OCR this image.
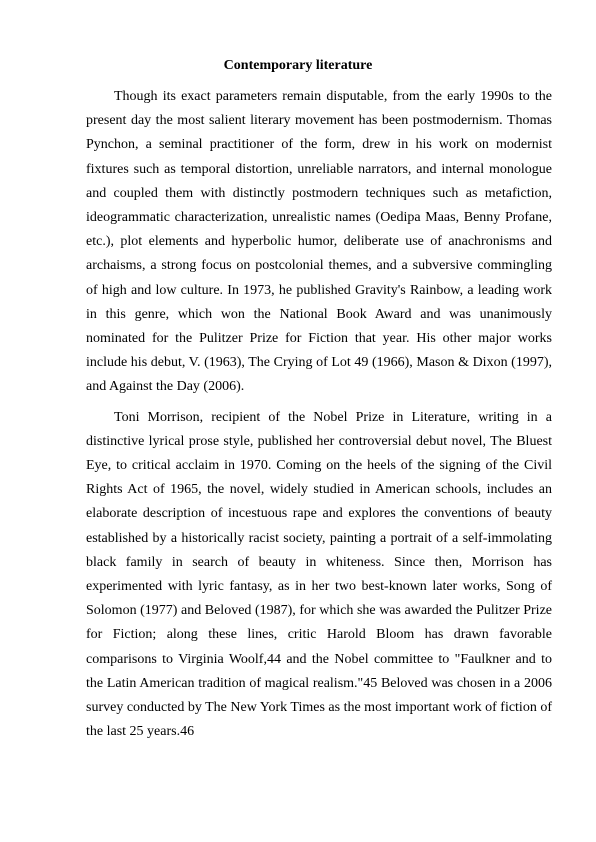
Contemporary literature

Though its exact parameters remain disputable, from the early 1990s to the present day the most salient literary movement has been postmodernism. Thomas Pynchon, a seminal practitioner of the form, drew in his work on modernist fixtures such as temporal distortion, unreliable narrators, and internal monologue and coupled them with distinctly postmodern techniques such as metafiction, ideogrammatic characterization, unrealistic names (Oedipa Maas, Benny Profane, etc.), plot elements and hyperbolic humor, deliberate use of anachronisms and archaisms, a strong focus on postcolonial themes, and a subversive commingling of high and low culture. In 1973, he published Gravity's Rainbow, a leading work in this genre, which won the National Book Award and was unanimously nominated for the Pulitzer Prize for Fiction that year. His other major works include his debut, V. (1963), The Crying of Lot 49 (1966), Mason & Dixon (1997), and Against the Day (2006).

Toni Morrison, recipient of the Nobel Prize in Literature, writing in a distinctive lyrical prose style, published her controversial debut novel, The Bluest Eye, to critical acclaim in 1970. Coming on the heels of the signing of the Civil Rights Act of 1965, the novel, widely studied in American schools, includes an elaborate description of incestuous rape and explores the conventions of beauty established by a historically racist society, painting a portrait of a self-immolating black family in search of beauty in whiteness. Since then, Morrison has experimented with lyric fantasy, as in her two best-known later works, Song of Solomon (1977) and Beloved (1987), for which she was awarded the Pulitzer Prize for Fiction; along these lines, critic Harold Bloom has drawn favorable comparisons to Virginia Woolf,44 and the Nobel committee to "Faulkner and to the Latin American tradition of magical realism."45 Beloved was chosen in a 2006 survey conducted by The New York Times as the most important work of fiction of the last 25 years.46
